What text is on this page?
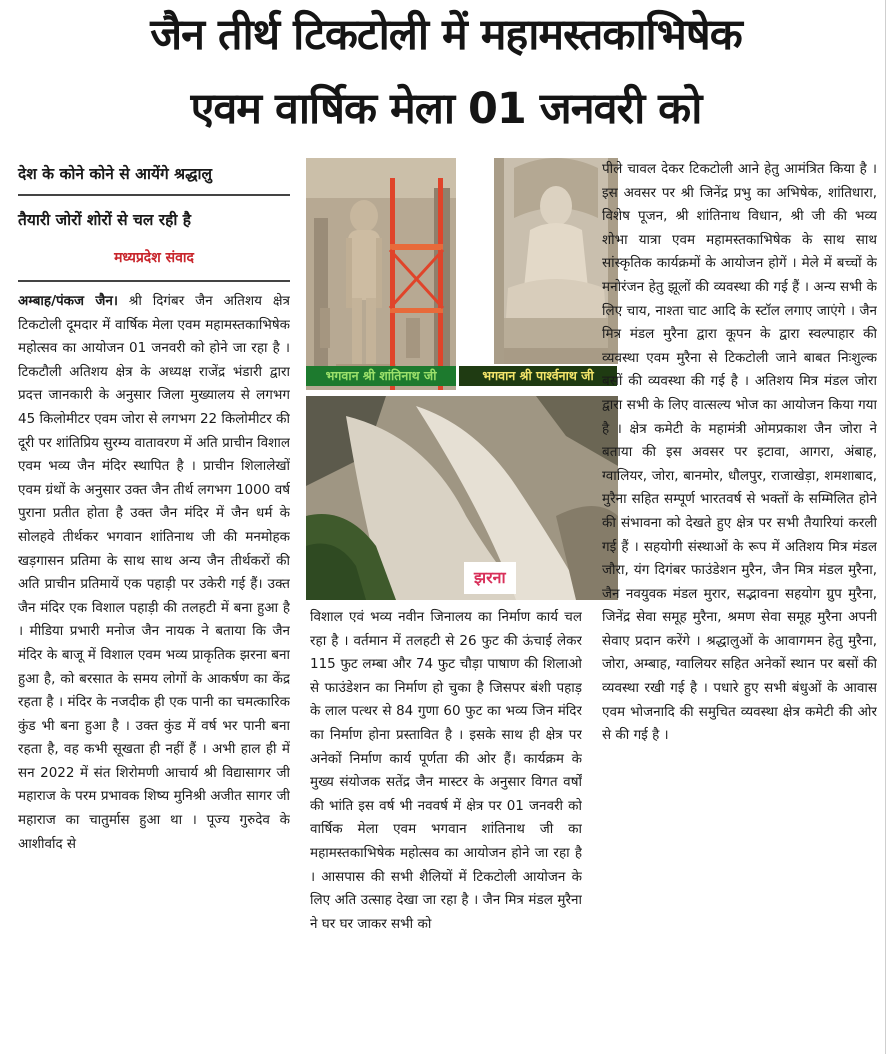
जैन तीर्थ टिकटोली में महामस्तकाभिषेक
एवम वार्षिक मेला 01 जनवरी को
देश के कोने कोने से आयेंगे श्रद्धालु
तैयारी जोरों शोरों से चल रही है
मध्यप्रदेश संवाद
भगवान श्री शांतिनाथ जी	भगवान श्री पार्श्वनाथ जी
झरना
अम्बाह/पंकज जैन। श्री दिगंबर जैन अतिशय क्षेत्र टिकटोली दूमदार में वार्षिक मेला एवम महामस्तकाभिषेक महोत्सव का आयोजन 01 जनवरी को होने जा रहा है । टिकटौली अतिशय क्षेत्र के अध्यक्ष राजेंद्र भंडारी द्वारा प्रदत्त जानकारी के अनुसार जिला मुख्यालय से लगभग 45 किलोमीटर एवम जोरा से लगभग 22 किलोमीटर की दूरी पर शांतिप्रिय सुरम्य वातावरण में अति प्राचीन विशाल एवम भव्य जैन मंदिर स्थापित है । प्राचीन शिलालेखों एवम ग्रंथों के अनुसार उक्त जैन तीर्थ लगभग 1000 वर्ष पुराना प्रतीत होता है उक्त जैन मंदिर में जैन धर्म के सोलहवे तीर्थकर भगवान शांतिनाथ जी की मनमोहक खड़गासन प्रतिमा के साथ साथ अन्य जैन तीर्थकरों की अति प्राचीन प्रतिमायें एक पहाड़ी पर उकेरी गई हैं। उक्त जैन मंदिर एक विशाल पहाड़ी की तलहटी में बना हुआ है । मीडिया प्रभारी मनोज जैन नायक ने बताया कि जैन मंदिर के बाजू में विशाल एवम भव्य प्राकृतिक झरना बना हुआ है, को बरसात के समय लोगों के आकर्षण का केंद्र रहता है । मंदिर के नजदीक ही एक पानी का चमत्कारिक कुंड भी बना हुआ है । उक्त कुंड में वर्ष भर पानी बना रहता है, वह कभी सूखता ही नहीं हैं । अभी हाल ही में सन 2022 में संत शिरोमणी आचार्य श्री विद्यासागर जी महाराज के परम प्रभावक शिष्य मुनिश्री अजीत सागर जी महाराज का चातुर्मास हुआ था । पूज्य गुरुदेव के आशीर्वाद से
विशाल एवं भव्य नवीन जिनालय का निर्माण कार्य चल रहा है । वर्तमान में तलहटी से 26 फुट की ऊंचाई लेकर 115 फुट लम्बा और 74 फुट चौड़ा पाषाण की शिलाओ से फाउंडेशन का निर्माण हो चुका है जिसपर बंशी पहाड़ के लाल पत्थर से 84 गुणा 60 फुट का भव्य जिन मंदिर का निर्माण होना प्रस्तावित है । इसके साथ ही क्षेत्र पर अनेकों निर्माण कार्य पूर्णता की ओर हैं। कार्यक्रम के मुख्य संयोजक सतेंद्र जैन मास्टर के अनुसार विगत वर्षों की भांति इस वर्ष भी नववर्ष में क्षेत्र पर 01 जनवरी को वार्षिक मेला एवम भगवान शांतिनाथ जी का महामस्तकाभिषेक महोत्सव का आयोजन होने जा रहा है । आसपास की सभी शैलियों में टिकटोली आयोजन के लिए अति उत्साह देखा जा रहा है । जैन मित्र मंडल मुरैना ने घर घर जाकर सभी को
पीले चावल देकर टिकटोली आने हेतु आमंत्रित किया है । इस अवसर पर श्री जिनेंद्र प्रभु का अभिषेक, शांतिधारा, विशेष पूजन, श्री शांतिनाथ विधान, श्री जी की भव्य शोभा यात्रा एवम महामस्तकाभिषेक के साथ साथ सांस्कृतिक कार्यक्रमों के आयोजन होगें । मेले में बच्चों के मनोरंजन हेतु झूलों की व्यवस्था की गई हैं । अन्य सभी के लिए चाय, नाश्ता चाट आदि के स्टॉल लगाए जाएंगे । जैन मित्र मंडल मुरैना द्वारा कूपन के द्वारा स्वल्पाहार की व्यवस्था एवम मुरैना से टिकटोली जाने बाबत निःशुल्क बसों की व्यवस्था की गई है । अतिशय मित्र मंडल जोरा द्वारा सभी के लिए वात्सल्य भोज का आयोजन किया गया है । क्षेत्र कमेटी के महामंत्री ओमप्रकाश जैन जोरा ने बताया की इस अवसर पर इटावा, आगरा, अंबाह, ग्वालियर, जोरा, बानमोर, धौलपुर, राजाखेड़ा, शमशाबाद, मुरैना सहित सम्पूर्ण भारतवर्ष से भक्तों के सम्मिलित होने की संभावना को देखते हुए क्षेत्र पर सभी तैयारियां करली गई हैं । सहयोगी संस्थाओं के रूप में अतिशय मित्र मंडल जौरा, यंग दिगंबर फाउंडेशन मुरैन, जैन मित्र मंडल मुरैना, जैन नवयुवक मंडल मुरार, सद्भावना सहयोग ग्रुप मुरैना, जिनेंद्र सेवा समूह मुरैना, श्रमण सेवा समूह मुरैना अपनी सेवाए प्रदान करेंगे । श्रद्धालुओं के आवागमन हेतु मुरैना, जोरा, अम्बाह, ग्वालियर सहित अनेकों स्थान पर बसों की व्यवस्था रखी गई है । पधारे हुए सभी बंधुओं के आवास एवम भोजनादि की समुचित व्यवस्था क्षेत्र कमेटी की ओर से की गई है ।
